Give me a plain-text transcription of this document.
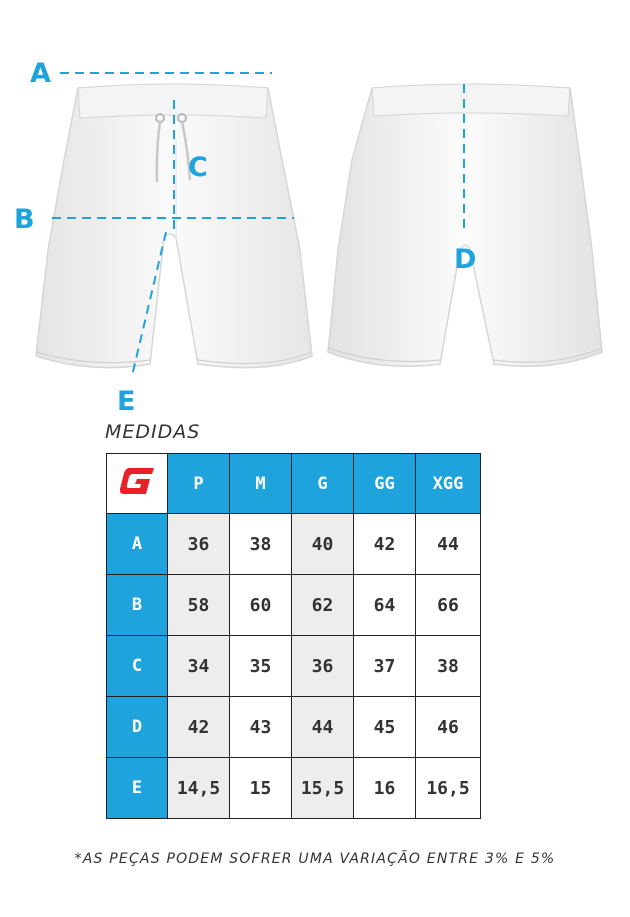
A
B
C
D
E
MEDIDAS
	P	M	G	GG	XGG
A	36	38	40	42	44
B	58	60	62	64	66
C	34	35	36	37	38
D	42	43	44	45	46
E	14,5	15	15,5	16	16,5
*AS PEÇAS PODEM SOFRER UMA VARIAÇÃO ENTRE 3% E 5%
